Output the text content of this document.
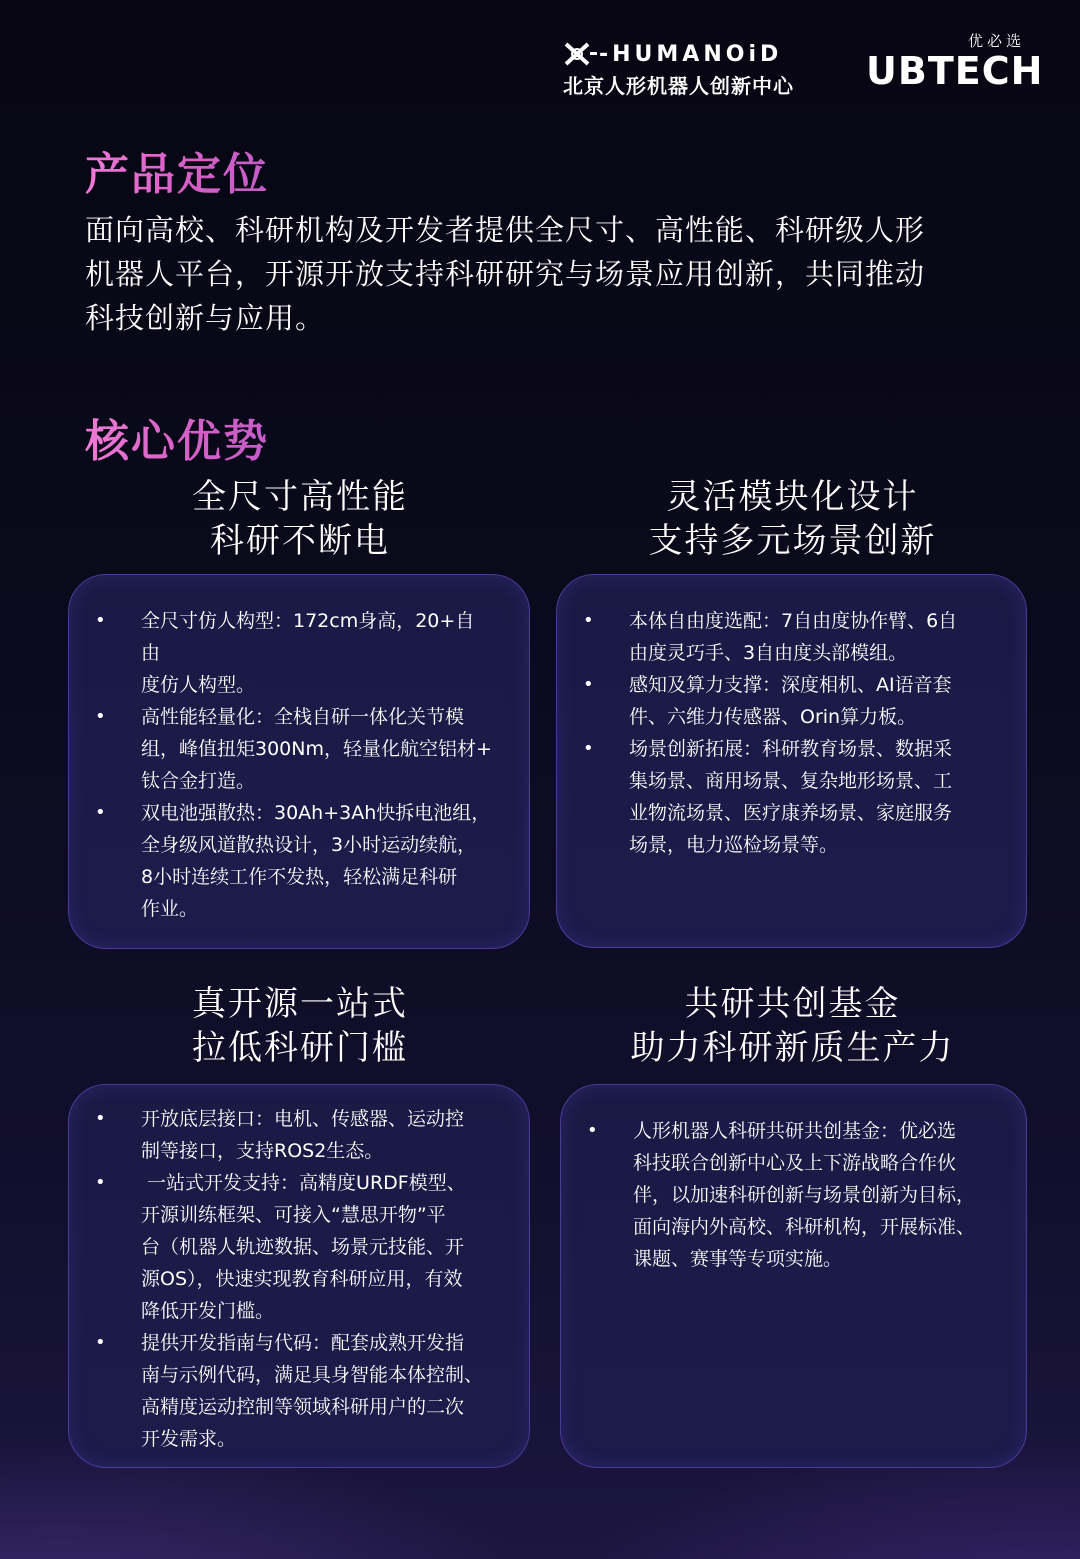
-HUMANOiD
北京人形机器人创新中心
优必选
UBTECH
产品定位
面向高校、科研机构及开发者提供全尺寸、高性能、科研级人形
机器人平台，开源开放支持科研研究与场景应用创新，共同推动
科技创新与应用。
核心优势
全尺寸高性能
科研不断电
• 全尺寸仿人构型：172cm身高，20+自由
度仿人构型。
• 高性能轻量化：全栈自研一体化关节模
组，峰值扭矩300Nm，轻量化航空铝材+
钛合金打造。
• 双电池强散热：30Ah+3Ah快拆电池组，
全身级风道散热设计，3小时运动续航，
8小时连续工作不发热，轻松满足科研
作业。
灵活模块化设计
支持多元场景创新
• 本体自由度选配：7自由度协作臂、6自
由度灵巧手、3自由度头部模组。
• 感知及算力支撑：深度相机、AI语音套
件、六维力传感器、Orin算力板。
• 场景创新拓展：科研教育场景、数据采
集场景、商用场景、复杂地形场景、工
业物流场景、医疗康养场景、家庭服务
场景，电力巡检场景等。
真开源一站式
拉低科研门槛
• 开放底层接口：电机、传感器、运动控
制等接口，支持ROS2生态。
• 一站式开发支持：高精度URDF模型、
开源训练框架、可接入“慧思开物”平
台（机器人轨迹数据、场景元技能、开
源OS），快速实现教育科研应用，有效
降低开发门槛。
• 提供开发指南与代码：配套成熟开发指
南与示例代码，满足具身智能本体控制、
高精度运动控制等领域科研用户的二次
开发需求。
共研共创基金
助力科研新质生产力
• 人形机器人科研共研共创基金：优必选
科技联合创新中心及上下游战略合作伙
伴，以加速科研创新与场景创新为目标，
面向海内外高校、科研机构，开展标准、
课题、赛事等专项实施。
